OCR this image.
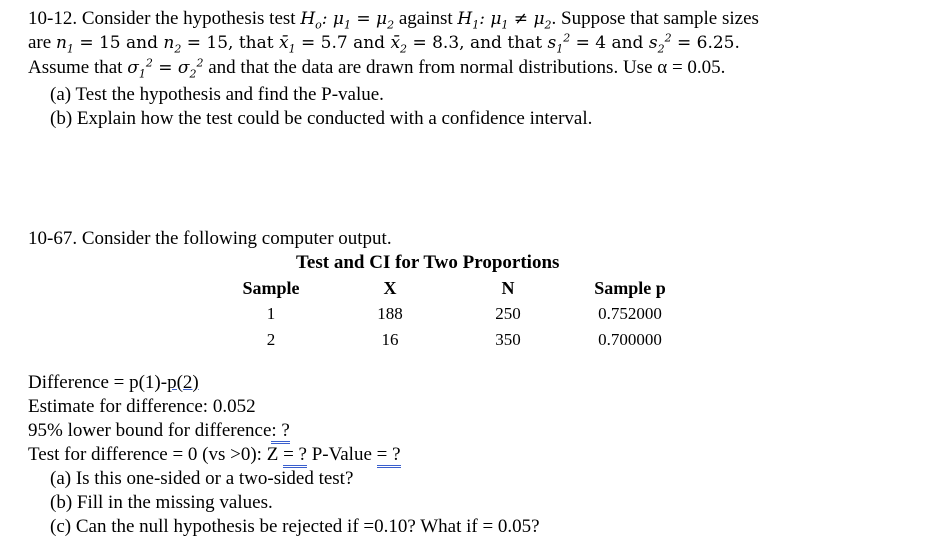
10-12. Consider the hypothesis test $H_o$: $\mu_1 = \mu_2$ against $H_1$: $\mu_1 \ne \mu_2$. Suppose that sample sizes
are $n_1 = 15$ and $n_2 = 15$, that $x̄_1 = 5.7$ and $x̄_2 = 8.3$, and that $s_1^2 = 4$ and $s_2^2 = 6.25$.
Assume that $\sigma_1^2 = \sigma_2^2$ and that the data are drawn from normal distributions. Use α = 0.05.
(a) Test the hypothesis and find the P-value.
(b) Explain how the test could be conducted with a confidence interval.
10-67. Consider the following computer output.
Test and CI for Two Proportions
Sample	X	N	Sample p
1	188	250	0.752000
2	16	350	0.700000
Difference = p(1)-p(2)
Estimate for difference: 0.052
95% lower bound for difference: ?
Test for difference = 0 (vs >0): Z = ? P-Value = ?
(a) Is this one-sided or a two-sided test?
(b) Fill in the missing values.
(c) Can the null hypothesis be rejected if =0.10? What if = 0.05?
